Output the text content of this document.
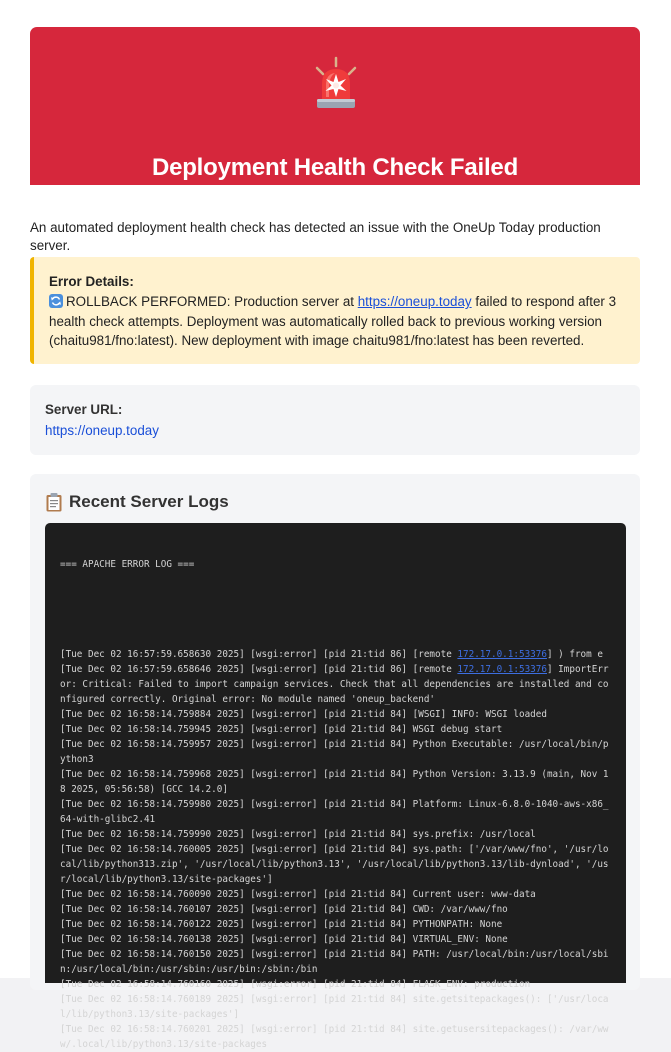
Deployment Health Check Failed
An automated deployment health check has detected an issue with the OneUp Today production server.
Error Details:
ROLLBACK PERFORMED: Production server at https://oneup.today failed to respond after 3 health check attempts. Deployment was automatically rolled back to previous working version (chaitu981/fno:latest). New deployment with image chaitu981/fno:latest has been reverted.
Server URL:
https://oneup.today
Recent Server Logs

=== APACHE ERROR LOG ===

[Tue Dec 02 16:57:59.658630 2025] [wsgi:error] [pid 21:tid 86] [remote 172.17.0.1:53376] ) from e
[Tue Dec 02 16:57:59.658646 2025] [wsgi:error] [pid 21:tid 86] [remote 172.17.0.1:53376] ImportError: Critical: Failed to import campaign services. Check that all dependencies are installed and configured correctly. Original error: No module named 'oneup_backend'
[Tue Dec 02 16:58:14.759884 2025] [wsgi:error] [pid 21:tid 84] [WSGI] INFO: WSGI loaded
[Tue Dec 02 16:58:14.759945 2025] [wsgi:error] [pid 21:tid 84] WSGI debug start
[Tue Dec 02 16:58:14.759957 2025] [wsgi:error] [pid 21:tid 84] Python Executable: /usr/local/bin/python3
[Tue Dec 02 16:58:14.759968 2025] [wsgi:error] [pid 21:tid 84] Python Version: 3.13.9 (main, Nov 18 2025, 05:56:58) [GCC 14.2.0]
[Tue Dec 02 16:58:14.759980 2025] [wsgi:error] [pid 21:tid 84] Platform: Linux-6.8.0-1040-aws-x86_64-with-glibc2.41
[Tue Dec 02 16:58:14.759990 2025] [wsgi:error] [pid 21:tid 84] sys.prefix: /usr/local
[Tue Dec 02 16:58:14.760005 2025] [wsgi:error] [pid 21:tid 84] sys.path: ['/var/www/fno', '/usr/local/lib/python313.zip', '/usr/local/lib/python3.13', '/usr/local/lib/python3.13/lib-dynload', '/usr/local/lib/python3.13/site-packages']
[Tue Dec 02 16:58:14.760090 2025] [wsgi:error] [pid 21:tid 84] Current user: www-data
[Tue Dec 02 16:58:14.760107 2025] [wsgi:error] [pid 21:tid 84] CWD: /var/www/fno
[Tue Dec 02 16:58:14.760122 2025] [wsgi:error] [pid 21:tid 84] PYTHONPATH: None
[Tue Dec 02 16:58:14.760138 2025] [wsgi:error] [pid 21:tid 84] VIRTUAL_ENV: None
[Tue Dec 02 16:58:14.760150 2025] [wsgi:error] [pid 21:tid 84] PATH: /usr/local/bin:/usr/local/sbin:/usr/local/bin:/usr/sbin:/usr/bin:/sbin:/bin
[Tue Dec 02 16:58:14.760160 2025] [wsgi:error] [pid 21:tid 84] FLASK_ENV: production
[Tue Dec 02 16:58:14.760189 2025] [wsgi:error] [pid 21:tid 84] site.getsitepackages(): ['/usr/local/lib/python3.13/site-packages']
[Tue Dec 02 16:58:14.760201 2025] [wsgi:error] [pid 21:tid 84] site.getusersitepackages(): /var/www/.local/lib/python3.13/site-packages
